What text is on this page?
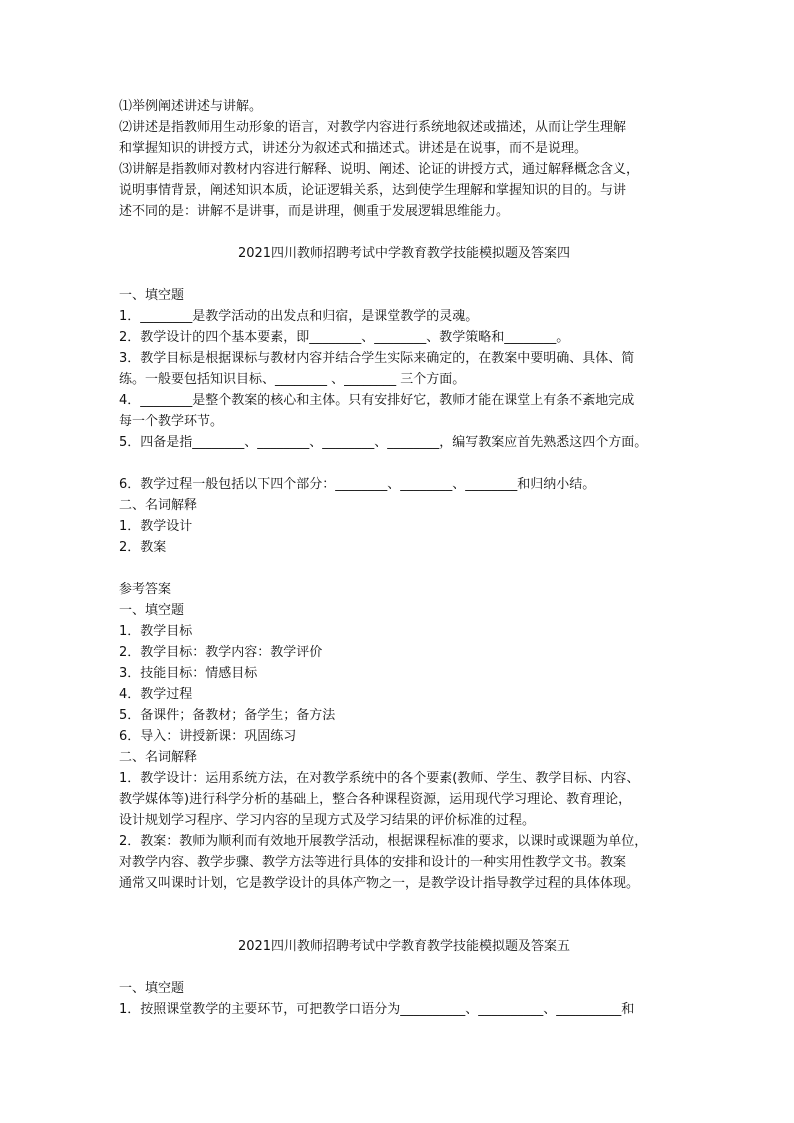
⑴举例阐述讲述与讲解。
⑵讲述是指教师用生动形象的语言，对教学内容进行系统地叙述或描述，从而让学生理解
和掌握知识的讲授方式，讲述分为叙述式和描述式。讲述是在说事，而不是说理。
⑶讲解是指教师对教材内容进行解释、说明、阐述、论证的讲授方式，通过解释概念含义，
说明事情背景，阐述知识本质，论证逻辑关系，达到使学生理解和掌握知识的目的。与讲
述不同的是：讲解不是讲事，而是讲理，侧重于发展逻辑思维能力。
2021四川教师招聘考试中学教育教学技能模拟题及答案四
一、填空题
1．________是教学活动的出发点和归宿，是课堂教学的灵魂。
2．教学设计的四个基本要素，即________、________、教学策略和________。
3．教学目标是根据课标与教材内容并结合学生实际来确定的，在教案中要明确、具体、简
练。一般要包括知识目标、________ 、________ 三个方面。
4．________是整个教案的核心和主体。只有安排好它，教师才能在课堂上有条不紊地完成
每一个教学环节。
5．四备是指________、________、________、________，编写教案应首先熟悉这四个方面。
6．教学过程一般包括以下四个部分：________、________、________和归纳小结。
二、名词解释
1．教学设计
2．教案
参考答案
一、填空题
1．教学目标
2．教学目标：教学内容：教学评价
3．技能目标：情感目标
4．教学过程
5．备课件；备教材；备学生；备方法
6．导入：讲授新课：巩固练习
二、名词解释
1．教学设计：运用系统方法，在对教学系统中的各个要素(教师、学生、教学目标、内容、
教学媒体等)进行科学分析的基础上，整合各种课程资源，运用现代学习理论、教育理论，
设计规划学习程序、学习内容的呈现方式及学习结果的评价标准的过程。
2．教案：教师为顺利而有效地开展教学活动，根据课程标准的要求，以课时或课题为单位，
对教学内容、教学步骤、教学方法等进行具体的安排和设计的一种实用性教学文书。教案
通常又叫课时计划，它是教学设计的具体产物之一，是教学设计指导教学过程的具体体现。
2021四川教师招聘考试中学教育教学技能模拟题及答案五
一、填空题
1．按照课堂教学的主要环节，可把教学口语分为__________、__________、__________和
